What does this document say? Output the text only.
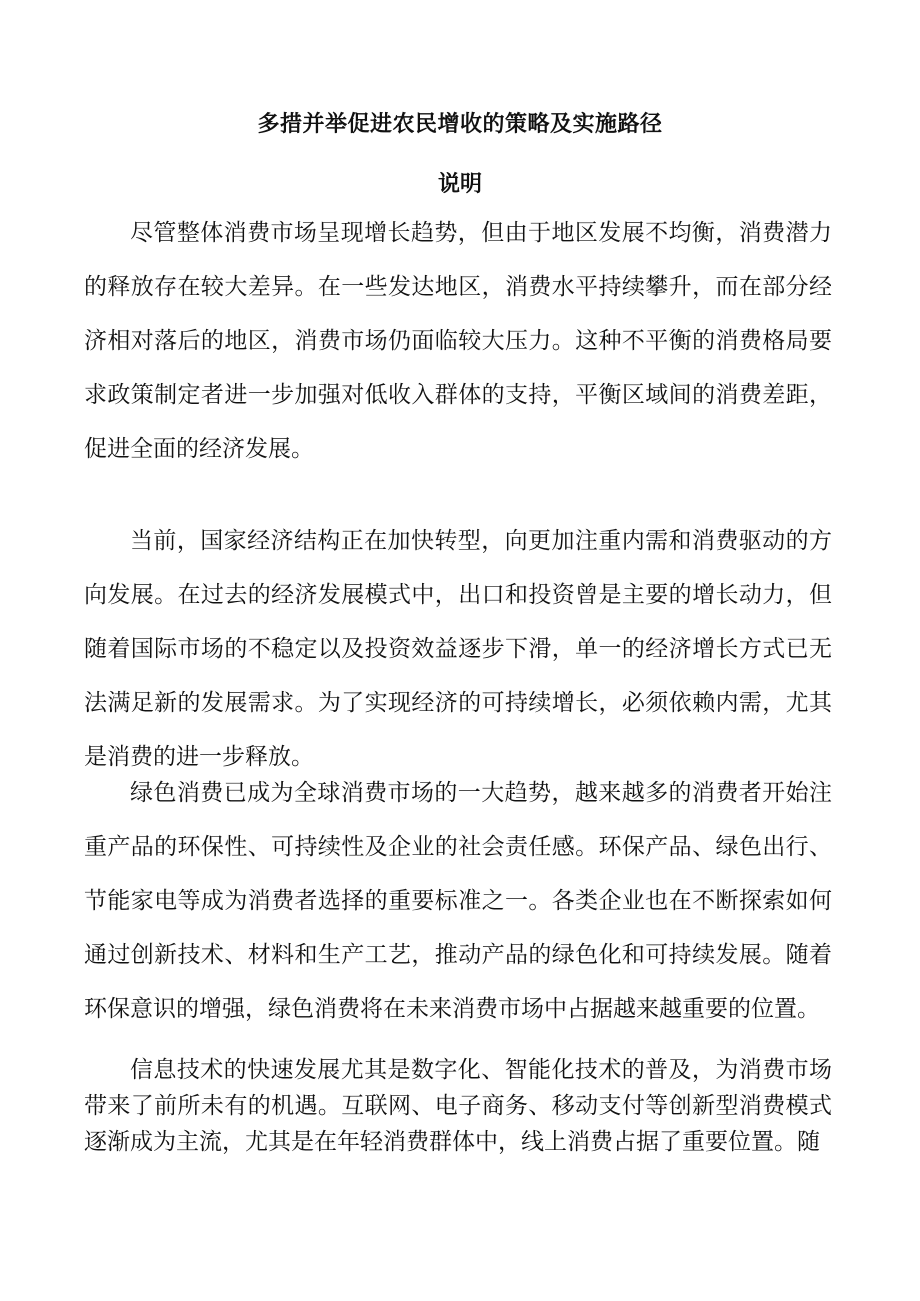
多措并举促进农民增收的策略及实施路径
说明

尽管整体消费市场呈现增长趋势，但由于地区发展不均衡，消费潜力的释放存在较大差异。在一些发达地区，消费水平持续攀升，而在部分经济相对落后的地区，消费市场仍面临较大压力。这种不平衡的消费格局要求政策制定者进一步加强对低收入群体的支持，平衡区域间的消费差距，促进全面的经济发展。

当前，国家经济结构正在加快转型，向更加注重内需和消费驱动的方向发展。在过去的经济发展模式中，出口和投资曾是主要的增长动力，但随着国际市场的不稳定以及投资效益逐步下滑，单一的经济增长方式已无法满足新的发展需求。为了实现经济的可持续增长，必须依赖内需，尤其是消费的进一步释放。

绿色消费已成为全球消费市场的一大趋势，越来越多的消费者开始注重产品的环保性、可持续性及企业的社会责任感。环保产品、绿色出行、节能家电等成为消费者选择的重要标准之一。各类企业也在不断探索如何通过创新技术、材料和生产工艺，推动产品的绿色化和可持续发展。随着环保意识的增强，绿色消费将在未来消费市场中占据越来越重要的位置。

信息技术的快速发展尤其是数字化、智能化技术的普及，为消费市场带来了前所未有的机遇。互联网、电子商务、移动支付等创新型消费模式逐渐成为主流，尤其是在年轻消费群体中，线上消费占据了重要位置。随
